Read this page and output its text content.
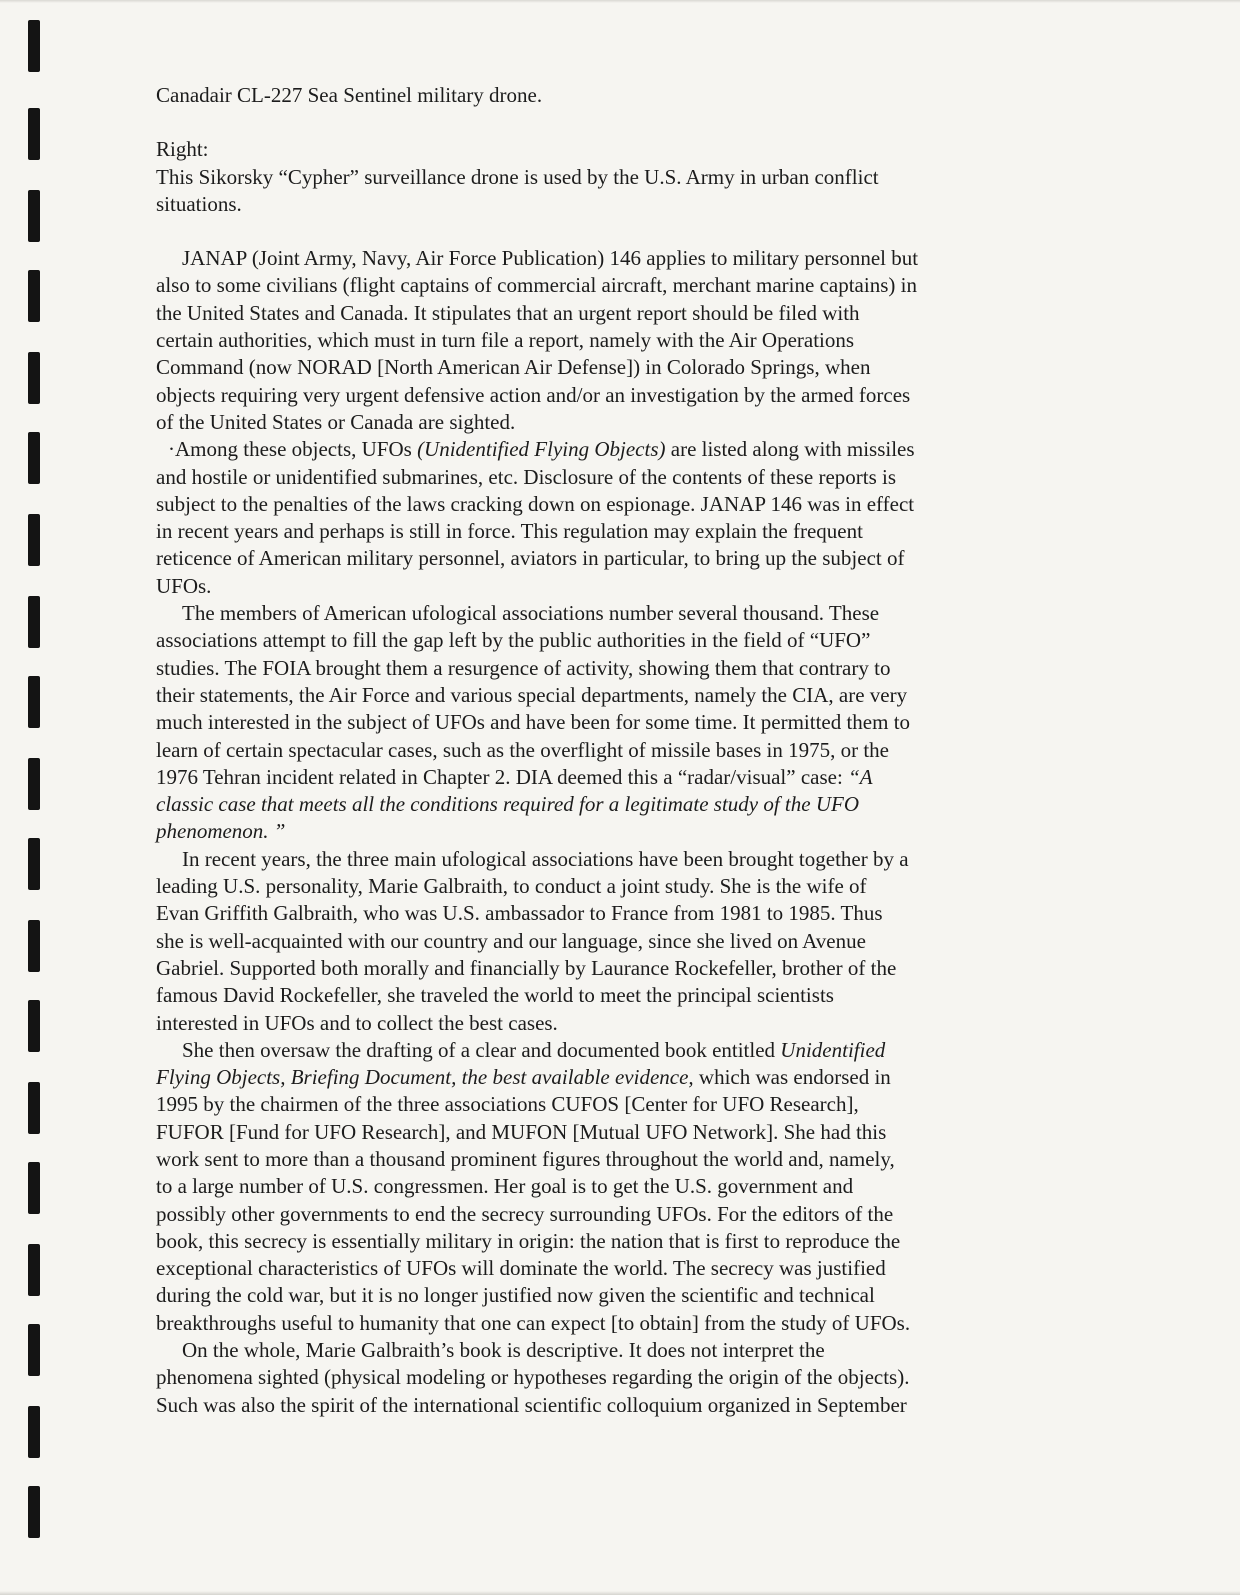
Canadair CL-227 Sea Sentinel military drone.

Right:

This Sikorsky “Cypher” surveillance drone is used by the U.S. Army in urban conflict

situations.

JANAP (Joint Army, Navy, Air Force Publication) 146 applies to military personnel but

also to some civilians (flight captains of commercial aircraft, merchant marine captains) in

the United States and Canada. It stipulates that an urgent report should be filed with

certain authorities, which must in turn file a report, namely with the Air Operations

Command (now NORAD [North American Air Defense]) in Colorado Springs, when

objects requiring very urgent defensive action and/or an investigation by the armed forces

of the United States or Canada are sighted.

·Among these objects, UFOs (Unidentified Flying Objects) are listed along with missiles

and hostile or unidentified submarines, etc. Disclosure of the contents of these reports is

subject to the penalties of the laws cracking down on espionage. JANAP 146 was in effect

in recent years and perhaps is still in force. This regulation may explain the frequent

reticence of American military personnel, aviators in particular, to bring up the subject of

UFOs.

The members of American ufological associations number several thousand. These

associations attempt to fill the gap left by the public authorities in the field of “UFO”

studies. The FOIA brought them a resurgence of activity, showing them that contrary to

their statements, the Air Force and various special departments, namely the CIA, are very

much interested in the subject of UFOs and have been for some time. It permitted them to

learn of certain spectacular cases, such as the overflight of missile bases in 1975, or the

1976 Tehran incident related in Chapter 2. DIA deemed this a “radar/visual” case: “A

classic case that meets all the conditions required for a legitimate study of the UFO

phenomenon. ”

In recent years, the three main ufological associations have been brought together by a

leading U.S. personality, Marie Galbraith, to conduct a joint study. She is the wife of

Evan Griffith Galbraith, who was U.S. ambassador to France from 1981 to 1985. Thus

she is well-acquainted with our country and our language, since she lived on Avenue

Gabriel. Supported both morally and financially by Laurance Rockefeller, brother of the

famous David Rockefeller, she traveled the world to meet the principal scientists

interested in UFOs and to collect the best cases.

She then oversaw the drafting of a clear and documented book entitled Unidentified

Flying Objects, Briefing Document, the best available evidence, which was endorsed in

1995 by the chairmen of the three associations CUFOS [Center for UFO Research],

FUFOR [Fund for UFO Research], and MUFON [Mutual UFO Network]. She had this

work sent to more than a thousand prominent figures throughout the world and, namely,

to a large number of U.S. congressmen. Her goal is to get the U.S. government and

possibly other governments to end the secrecy surrounding UFOs. For the editors of the

book, this secrecy is essentially military in origin: the nation that is first to reproduce the

exceptional characteristics of UFOs will dominate the world. The secrecy was justified

during the cold war, but it is no longer justified now given the scientific and technical

breakthroughs useful to humanity that one can expect [to obtain] from the study of UFOs.

On the whole, Marie Galbraith’s book is descriptive. It does not interpret the

phenomena sighted (physical modeling or hypotheses regarding the origin of the objects).

Such was also the spirit of the international scientific colloquium organized in September
